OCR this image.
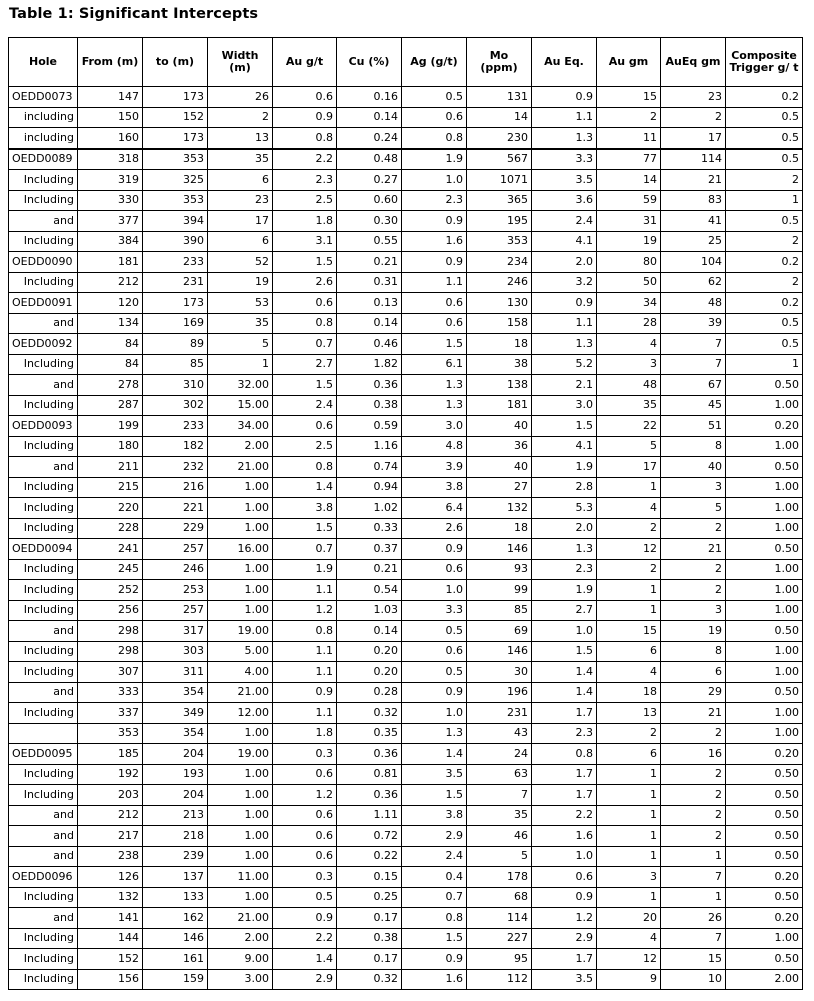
Table 1: Significant Intercepts
Hole	From (m)	to (m)	Width (m)	Au g/t	Cu (%)	Ag (g/t)	Mo (ppm)	Au Eq.	Au gm	AuEq gm	Composite Trigger g/ t
OEDD0073	147	173	26	0.6	0.16	0.5	131	0.9	15	23	0.2
including	150	152	2	0.9	0.14	0.6	14	1.1	2	2	0.5
including	160	173	13	0.8	0.24	0.8	230	1.3	11	17	0.5
OEDD0089	318	353	35	2.2	0.48	1.9	567	3.3	77	114	0.5
Including	319	325	6	2.3	0.27	1.0	1071	3.5	14	21	2
Including	330	353	23	2.5	0.60	2.3	365	3.6	59	83	1
and	377	394	17	1.8	0.30	0.9	195	2.4	31	41	0.5
Including	384	390	6	3.1	0.55	1.6	353	4.1	19	25	2
OEDD0090	181	233	52	1.5	0.21	0.9	234	2.0	80	104	0.2
Including	212	231	19	2.6	0.31	1.1	246	3.2	50	62	2
OEDD0091	120	173	53	0.6	0.13	0.6	130	0.9	34	48	0.2
and	134	169	35	0.8	0.14	0.6	158	1.1	28	39	0.5
OEDD0092	84	89	5	0.7	0.46	1.5	18	1.3	4	7	0.5
Including	84	85	1	2.7	1.82	6.1	38	5.2	3	7	1
and	278	310	32.00	1.5	0.36	1.3	138	2.1	48	67	0.50
Including	287	302	15.00	2.4	0.38	1.3	181	3.0	35	45	1.00
OEDD0093	199	233	34.00	0.6	0.59	3.0	40	1.5	22	51	0.20
Including	180	182	2.00	2.5	1.16	4.8	36	4.1	5	8	1.00
and	211	232	21.00	0.8	0.74	3.9	40	1.9	17	40	0.50
Including	215	216	1.00	1.4	0.94	3.8	27	2.8	1	3	1.00
Including	220	221	1.00	3.8	1.02	6.4	132	5.3	4	5	1.00
Including	228	229	1.00	1.5	0.33	2.6	18	2.0	2	2	1.00
OEDD0094	241	257	16.00	0.7	0.37	0.9	146	1.3	12	21	0.50
Including	245	246	1.00	1.9	0.21	0.6	93	2.3	2	2	1.00
Including	252	253	1.00	1.1	0.54	1.0	99	1.9	1	2	1.00
Including	256	257	1.00	1.2	1.03	3.3	85	2.7	1	3	1.00
and	298	317	19.00	0.8	0.14	0.5	69	1.0	15	19	0.50
Including	298	303	5.00	1.1	0.20	0.6	146	1.5	6	8	1.00
Including	307	311	4.00	1.1	0.20	0.5	30	1.4	4	6	1.00
and	333	354	21.00	0.9	0.28	0.9	196	1.4	18	29	0.50
Including	337	349	12.00	1.1	0.32	1.0	231	1.7	13	21	1.00
	353	354	1.00	1.8	0.35	1.3	43	2.3	2	2	1.00
OEDD0095	185	204	19.00	0.3	0.36	1.4	24	0.8	6	16	0.20
Including	192	193	1.00	0.6	0.81	3.5	63	1.7	1	2	0.50
Including	203	204	1.00	1.2	0.36	1.5	7	1.7	1	2	0.50
and	212	213	1.00	0.6	1.11	3.8	35	2.2	1	2	0.50
and	217	218	1.00	0.6	0.72	2.9	46	1.6	1	2	0.50
and	238	239	1.00	0.6	0.22	2.4	5	1.0	1	1	0.50
OEDD0096	126	137	11.00	0.3	0.15	0.4	178	0.6	3	7	0.20
Including	132	133	1.00	0.5	0.25	0.7	68	0.9	1	1	0.50
and	141	162	21.00	0.9	0.17	0.8	114	1.2	20	26	0.20
Including	144	146	2.00	2.2	0.38	1.5	227	2.9	4	7	1.00
Including	152	161	9.00	1.4	0.17	0.9	95	1.7	12	15	0.50
Including	156	159	3.00	2.9	0.32	1.6	112	3.5	9	10	2.00
